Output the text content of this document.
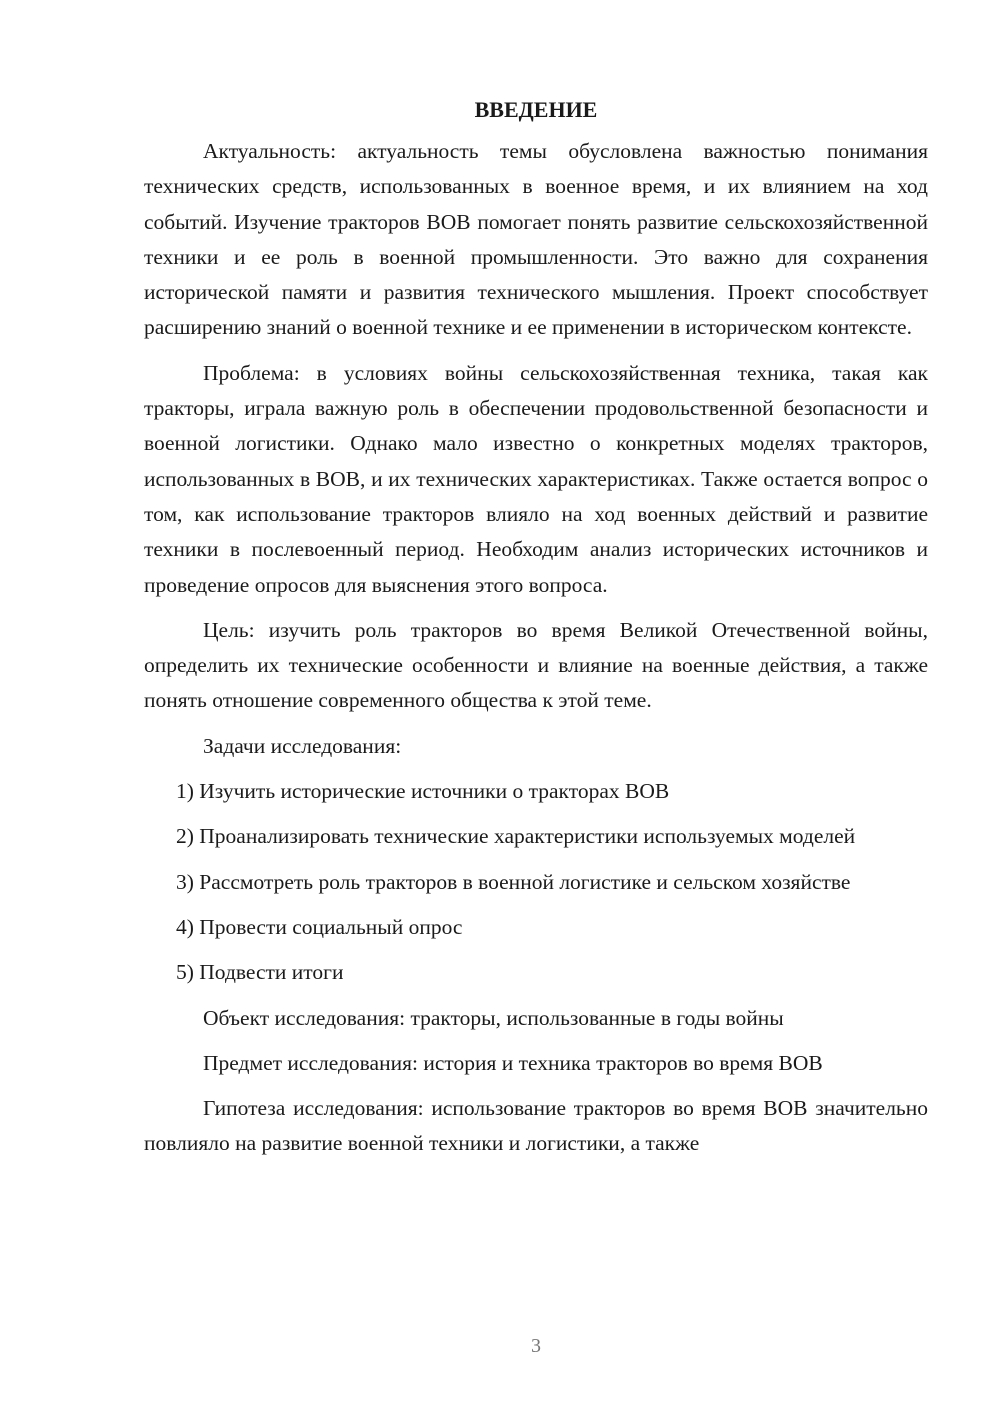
ВВЕДЕНИЕ

Актуальность: актуальность темы обусловлена важностью понимания технических средств, использованных в военное время, и их влиянием на ход событий. Изучение тракторов ВОВ помогает понять развитие сельскохозяйственной техники и ее роль в военной промышленности. Это важно для сохранения исторической памяти и развития технического мышления. Проект способствует расширению знаний о военной технике и ее применении в историческом контексте.

Проблема: в условиях войны сельскохозяйственная техника, такая как тракторы, играла важную роль в обеспечении продовольственной безопасности и военной логистики. Однако мало известно о конкретных моделях тракторов, использованных в ВОВ, и их технических характеристиках. Также остается вопрос о том, как использование тракторов влияло на ход военных действий и развитие техники в послевоенный период. Необходим анализ исторических источников и проведение опросов для выяснения этого вопроса.

Цель: изучить роль тракторов во время Великой Отечественной войны, определить их технические особенности и влияние на военные действия, а также понять отношение современного общества к этой теме.

Задачи исследования:

1) Изучить исторические источники о тракторах ВОВ

2) Проанализировать технические характеристики используемых моделей

3) Рассмотреть роль тракторов в военной логистике и сельском хозяйстве

4) Провести социальный опрос

5) Подвести итоги

Объект исследования: тракторы, использованные в годы войны

Предмет исследования: история и техника тракторов во время ВОВ

Гипотеза исследования: использование тракторов во время ВОВ значительно повлияло на развитие военной техники и логистики, а также

3
